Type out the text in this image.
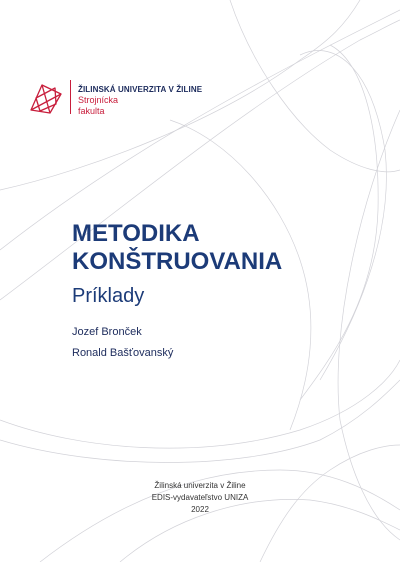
ŽILINSKÁ UNIVERZITA V ŽILINE
Strojnícka
fakulta
METODIKA
KONŠTRUOVANIA
Príklady
Jozef Bronček
Ronald Bašťovanský
Žilinská univerzita v Žiline
EDIS-vydavateľstvo UNIZA
2022
